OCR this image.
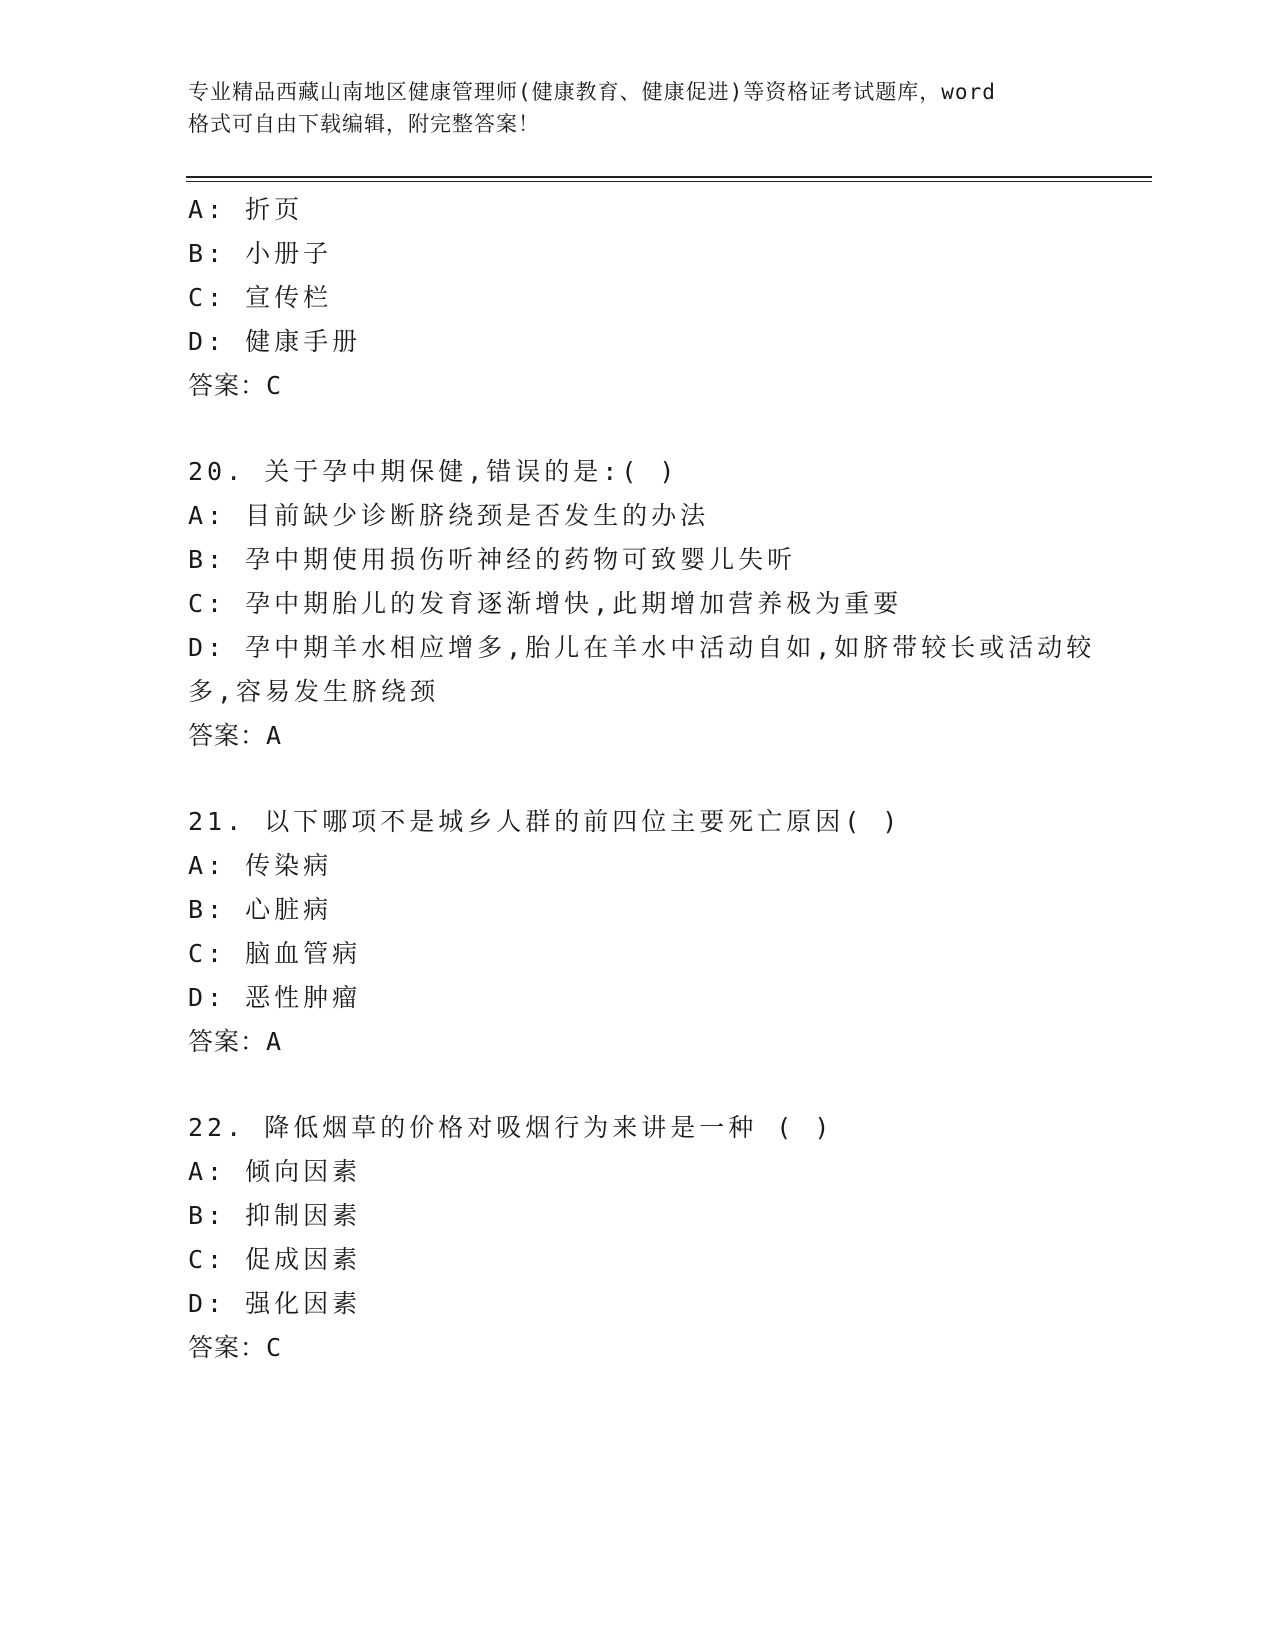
专业精品西藏山南地区健康管理师(健康教育、健康促进)等资格证考试题库，word
格式可自由下载编辑，附完整答案！
A: 折页
B: 小册子
C: 宣传栏
D: 健康手册
答案：C
20. 关于孕中期保健,错误的是:( )
A: 目前缺少诊断脐绕颈是否发生的办法
B: 孕中期使用损伤听神经的药物可致婴儿失听
C: 孕中期胎儿的发育逐渐增快,此期增加营养极为重要
D: 孕中期羊水相应增多,胎儿在羊水中活动自如,如脐带较长或活动较
多,容易发生脐绕颈
答案：A
21. 以下哪项不是城乡人群的前四位主要死亡原因( )
A: 传染病
B: 心脏病
C: 脑血管病
D: 恶性肿瘤
答案：A
22. 降低烟草的价格对吸烟行为来讲是一种 ( )
A: 倾向因素
B: 抑制因素
C: 促成因素
D: 强化因素
答案：C
